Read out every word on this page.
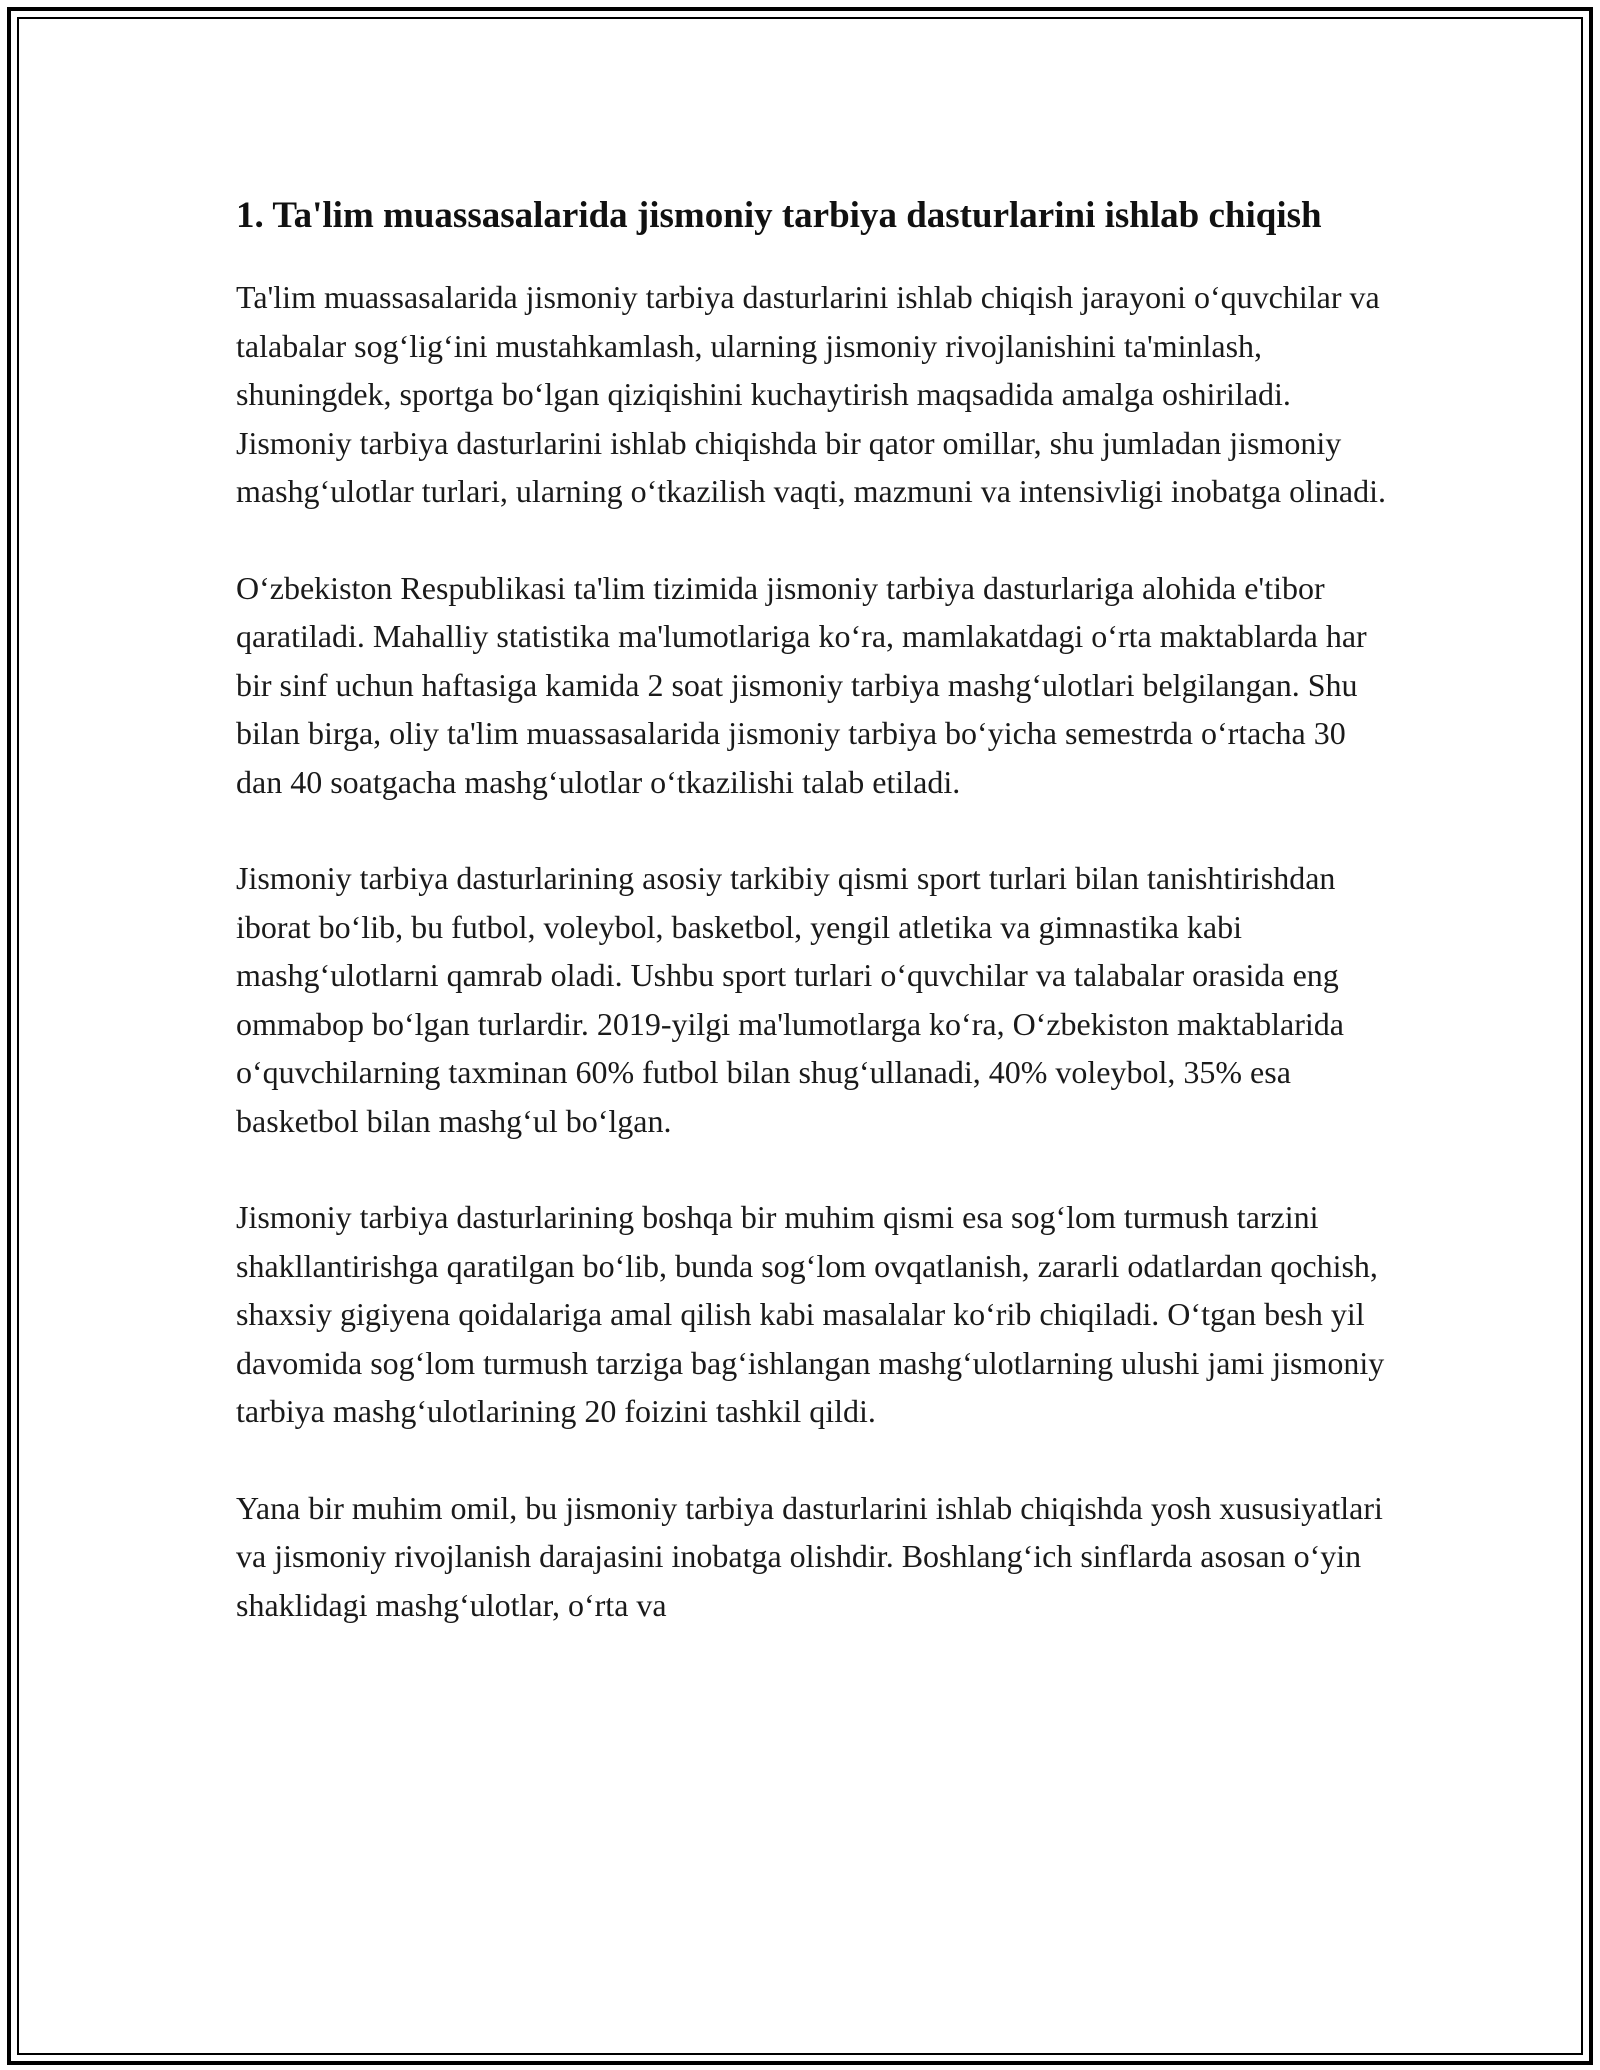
1. Ta'lim muassasalarida jismoniy tarbiya dasturlarini ishlab chiqish

Ta'lim muassasalarida jismoniy tarbiya dasturlarini ishlab chiqish jarayoni o‘quvchilar va talabalar sog‘lig‘ini mustahkamlash, ularning jismoniy rivojlanishini ta'minlash, shuningdek, sportga bo‘lgan qiziqishini kuchaytirish maqsadida amalga oshiriladi. Jismoniy tarbiya dasturlarini ishlab chiqishda bir qator omillar, shu jumladan jismoniy mashg‘ulotlar turlari, ularning o‘tkazilish vaqti, mazmuni va intensivligi inobatga olinadi.

O‘zbekiston Respublikasi ta'lim tizimida jismoniy tarbiya dasturlariga alohida e'tibor qaratiladi. Mahalliy statistika ma'lumotlariga ko‘ra, mamlakatdagi o‘rta maktablarda har bir sinf uchun haftasiga kamida 2 soat jismoniy tarbiya mashg‘ulotlari belgilangan. Shu bilan birga, oliy ta'lim muassasalarida jismoniy tarbiya bo‘yicha semestrda o‘rtacha 30 dan 40 soatgacha mashg‘ulotlar o‘tkazilishi talab etiladi.

Jismoniy tarbiya dasturlarining asosiy tarkibiy qismi sport turlari bilan tanishtirishdan iborat bo‘lib, bu futbol, voleybol, basketbol, yengil atletika va gimnastika kabi mashg‘ulotlarni qamrab oladi. Ushbu sport turlari o‘quvchilar va talabalar orasida eng ommabop bo‘lgan turlardir. 2019-yilgi ma'lumotlarga ko‘ra, O‘zbekiston maktablarida o‘quvchilarning taxminan 60% futbol bilan shug‘ullanadi, 40% voleybol, 35% esa basketbol bilan mashg‘ul bo‘lgan.

Jismoniy tarbiya dasturlarining boshqa bir muhim qismi esa sog‘lom turmush tarzini shakllantirishga qaratilgan bo‘lib, bunda sog‘lom ovqatlanish, zararli odatlardan qochish, shaxsiy gigiyena qoidalariga amal qilish kabi masalalar ko‘rib chiqiladi. O‘tgan besh yil davomida sog‘lom turmush tarziga bag‘ishlangan mashg‘ulotlarning ulushi jami jismoniy tarbiya mashg‘ulotlarining 20 foizini tashkil qildi.

Yana bir muhim omil, bu jismoniy tarbiya dasturlarini ishlab chiqishda yosh xususiyatlari va jismoniy rivojlanish darajasini inobatga olishdir. Boshlang‘ich sinflarda asosan o‘yin shaklidagi mashg‘ulotlar, o‘rta va
